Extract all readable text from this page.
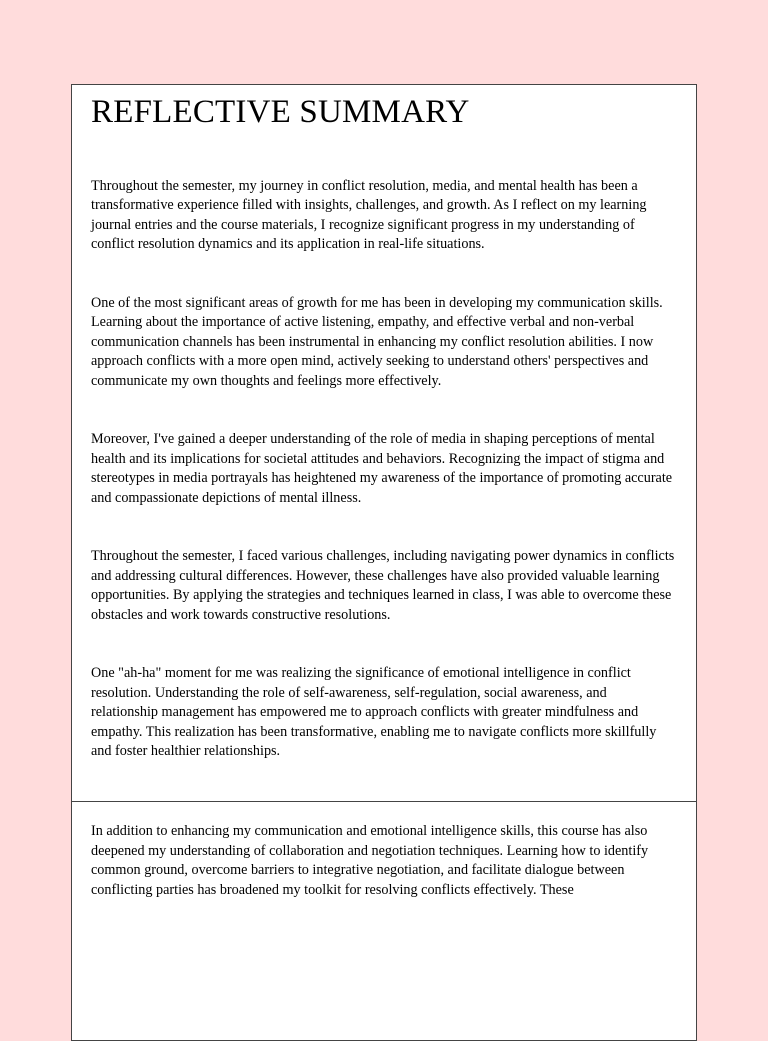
REFLECTIVE SUMMARY

Throughout the semester, my journey in conflict resolution, media, and mental health has been a transformative experience filled with insights, challenges, and growth. As I reflect on my learning journal entries and the course materials, I recognize significant progress in my understanding of conflict resolution dynamics and its application in real-life situations.

One of the most significant areas of growth for me has been in developing my communication skills. Learning about the importance of active listening, empathy, and effective verbal and non-verbal communication channels has been instrumental in enhancing my conflict resolution abilities. I now approach conflicts with a more open mind, actively seeking to understand others' perspectives and communicate my own thoughts and feelings more effectively.

Moreover, I've gained a deeper understanding of the role of media in shaping perceptions of mental health and its implications for societal attitudes and behaviors. Recognizing the impact of stigma and stereotypes in media portrayals has heightened my awareness of the importance of promoting accurate and compassionate depictions of mental illness.

Throughout the semester, I faced various challenges, including navigating power dynamics in conflicts and addressing cultural differences. However, these challenges have also provided valuable learning opportunities. By applying the strategies and techniques learned in class, I was able to overcome these obstacles and work towards constructive resolutions.

One "ah-ha" moment for me was realizing the significance of emotional intelligence in conflict resolution. Understanding the role of self-awareness, self-regulation, social awareness, and relationship management has empowered me to approach conflicts with greater mindfulness and empathy. This realization has been transformative, enabling me to navigate conflicts more skillfully and foster healthier relationships.

In addition to enhancing my communication and emotional intelligence skills, this course has also deepened my understanding of collaboration and negotiation techniques. Learning how to identify common ground, overcome barriers to integrative negotiation, and facilitate dialogue between conflicting parties has broadened my toolkit for resolving conflicts effectively. These
